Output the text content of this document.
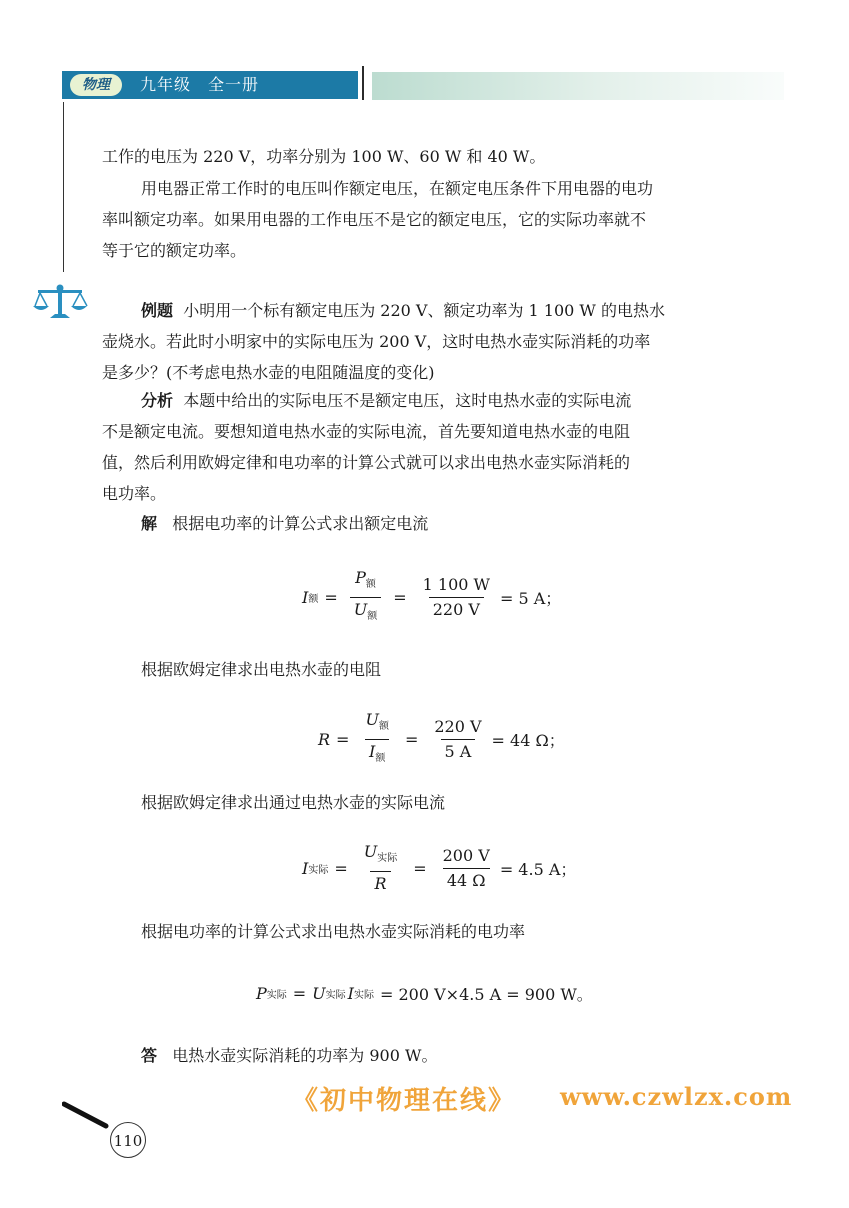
物理	九年级　全一册
工作的电压为 220 V，功率分别为 100 W、60 W 和 40 W。
用电器正常工作时的电压叫作额定电压，在额定电压条件下用电器的电功
率叫额定功率。如果用电器的工作电压不是它的额定电压，它的实际功率就不
等于它的额定功率。
例题 小明用一个标有额定电压为 220 V、额定功率为 1 100 W 的电热水
壶烧水。若此时小明家中的实际电压为 200 V，这时电热水壶实际消耗的功率
是多少？(不考虑电热水壶的电阻随温度的变化)
分析 本题中给出的实际电压不是额定电压，这时电热水壶的实际电流
不是额定电流。要想知道电热水壶的实际电流，首先要知道电热水壶的电阻
值，然后利用欧姆定律和电功率的计算公式就可以求出电热水壶实际消耗的
电功率。
解 根据电功率的计算公式求出额定电流
I 额 = $\frac{P_额}{U_额} = \frac{1 100 W}{220 V} = 5$ A；
根据欧姆定律求出电热水壶的电阻
$R = \frac{U_额}{I_额} = \frac{220 V}{5 A} = 44$ Ω；
根据欧姆定律求出通过电热水壶的实际电流
I 实际 = $\frac{U_{实际}}{R} = \frac{200 V}{44 \Omega} = 4.5$ A；
根据电功率的计算公式求出电热水壶实际消耗的电功率
P 实际 = U 实际 I 实际 = 200 V×4.5 A = 900 W。
答 电热水壶实际消耗的功率为 900 W。
《初中物理在线》 www.czwlzx.com
110
